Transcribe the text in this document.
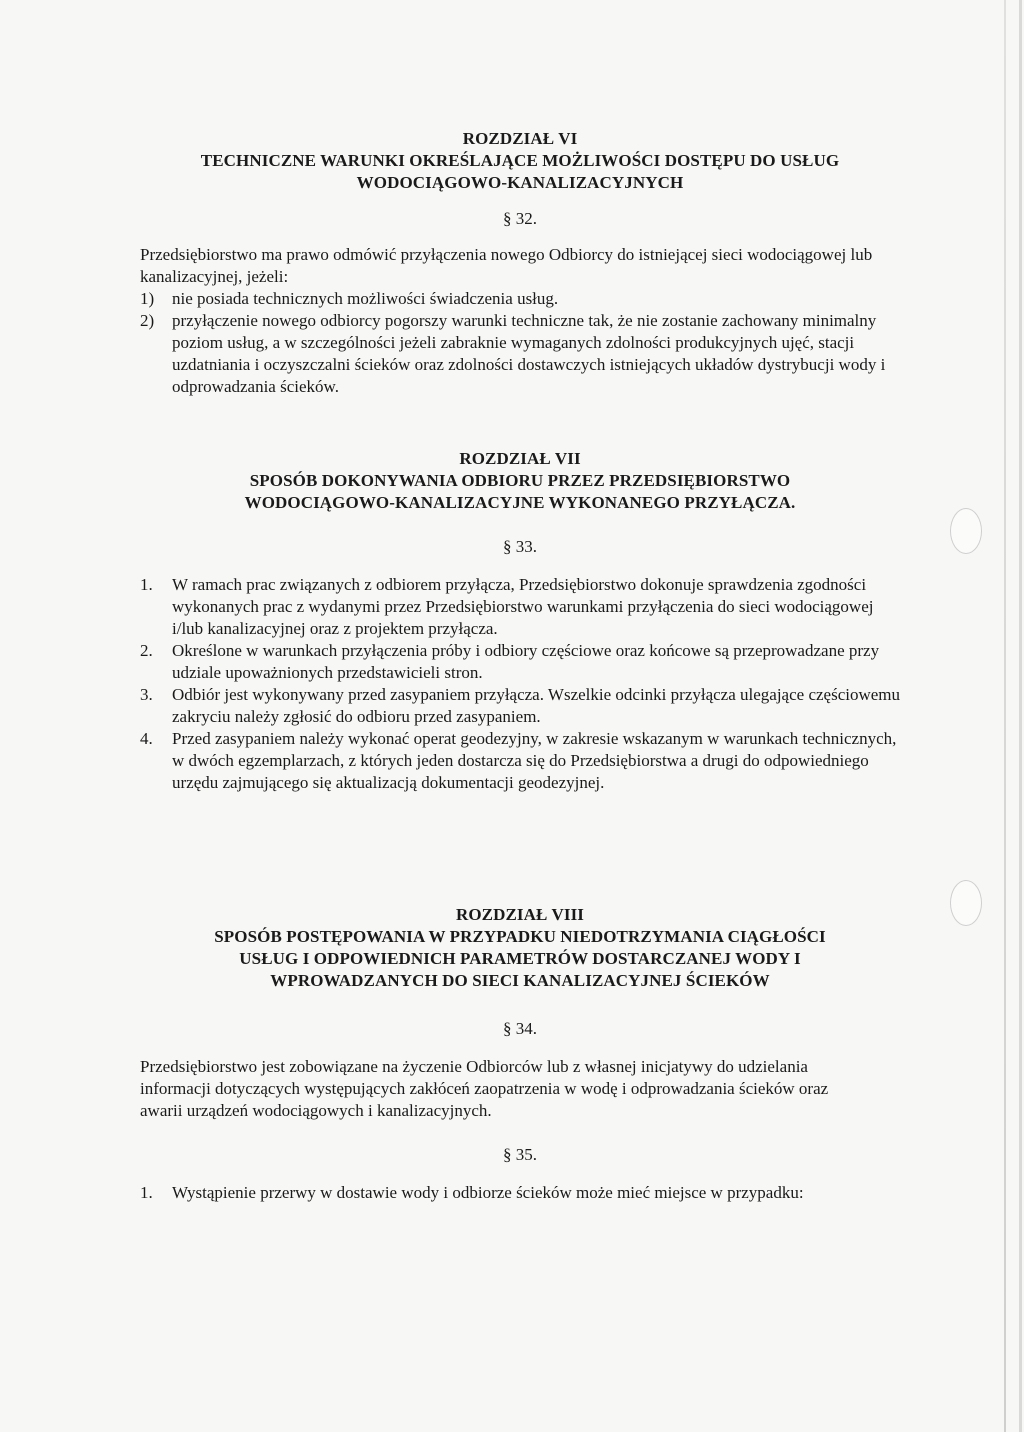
ROZDZIAŁ VI
TECHNICZNE WARUNKI OKREŚLAJĄCE MOŻLIWOŚCI DOSTĘPU DO USŁUG
WODOCIĄGOWO-KANALIZACYJNYCH
§ 32.

Przedsiębiorstwo ma prawo odmówić przyłączenia nowego Odbiorcy do istniejącej sieci wodociągowej lub kanalizacyjnej, jeżeli:

1)	nie posiada technicznych możliwości świadczenia usług.
2)	przyłączenie nowego odbiorcy pogorszy warunki techniczne tak, że nie zostanie zachowany minimalny poziom usług, a w szczególności jeżeli zabraknie wymaganych zdolności produkcyjnych ujęć, stacji uzdatniania i oczyszczalni ścieków oraz zdolności dostawczych istniejących układów dystrybucji wody i odprowadzania ścieków.
ROZDZIAŁ VII
SPOSÓB DOKONYWANIA ODBIORU PRZEZ PRZEDSIĘBIORSTWO
WODOCIĄGOWO-KANALIZACYJNE WYKONANEGO PRZYŁĄCZA.
§ 33.
1.	W ramach prac związanych z odbiorem przyłącza, Przedsiębiorstwo dokonuje sprawdzenia zgodności wykonanych prac z wydanymi przez Przedsiębiorstwo warunkami przyłączenia do sieci wodociągowej i/lub kanalizacyjnej oraz z projektem przyłącza.
2.	Określone w warunkach przyłączenia próby i odbiory częściowe oraz końcowe są przeprowadzane przy udziale upoważnionych przedstawicieli stron.
3.	Odbiór jest wykonywany przed zasypaniem przyłącza. Wszelkie odcinki przyłącza ulegające częściowemu zakryciu należy zgłosić do odbioru przed zasypaniem.
4.	Przed zasypaniem należy wykonać operat geodezyjny, w zakresie wskazanym w warunkach technicznych, w dwóch egzemplarzach, z których jeden dostarcza się do Przedsiębiorstwa a drugi do odpowiedniego urzędu zajmującego się aktualizacją dokumentacji geodezyjnej.
ROZDZIAŁ VIII
SPOSÓB POSTĘPOWANIA W PRZYPADKU NIEDOTRZYMANIA CIĄGŁOŚCI
USŁUG I ODPOWIEDNICH PARAMETRÓW DOSTARCZANEJ WODY I
WPROWADZANYCH DO SIECI KANALIZACYJNEJ ŚCIEKÓW
§ 34.

Przedsiębiorstwo jest zobowiązane na życzenie Odbiorców lub z własnej inicjatywy do udzielania informacji dotyczących występujących zakłóceń zaopatrzenia w wodę i odprowadzania ścieków oraz awarii urządzeń wodociągowych i kanalizacyjnych.

§ 35.
1.	Wystąpienie przerwy w dostawie wody i odbiorze ścieków może mieć miejsce w przypadku:
